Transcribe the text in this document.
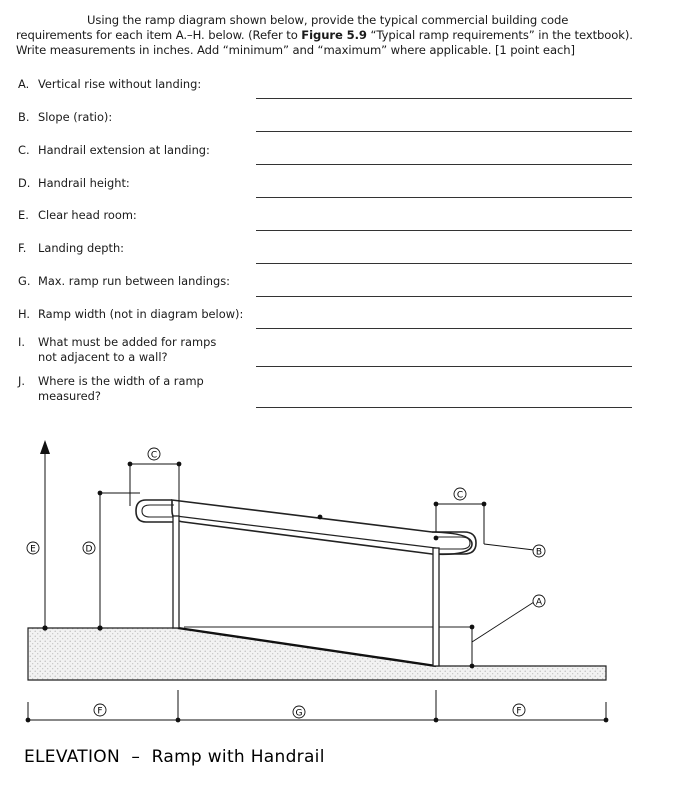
Using the ramp diagram shown below, provide the typical commercial building code
requirements for each item A.–H. below. (Refer to Figure 5.9 “Typical ramp requirements” in the textbook).
Write measurements in inches. Add “minimum” and “maximum” where applicable. [1 point each]
A. Vertical rise without landing:
B. Slope (ratio):
C. Handrail extension at landing:
D. Handrail height:
E. Clear head room:
F. Landing depth:
G. Max. ramp run between landings:
H. Ramp width (not in diagram below):
I. What must be added for ramps not adjacent to a wall?
J. Where is the width of a ramp measured?
C
C
E	D	B
A
F	G	F
ELEVATION  –  Ramp with Handrail
